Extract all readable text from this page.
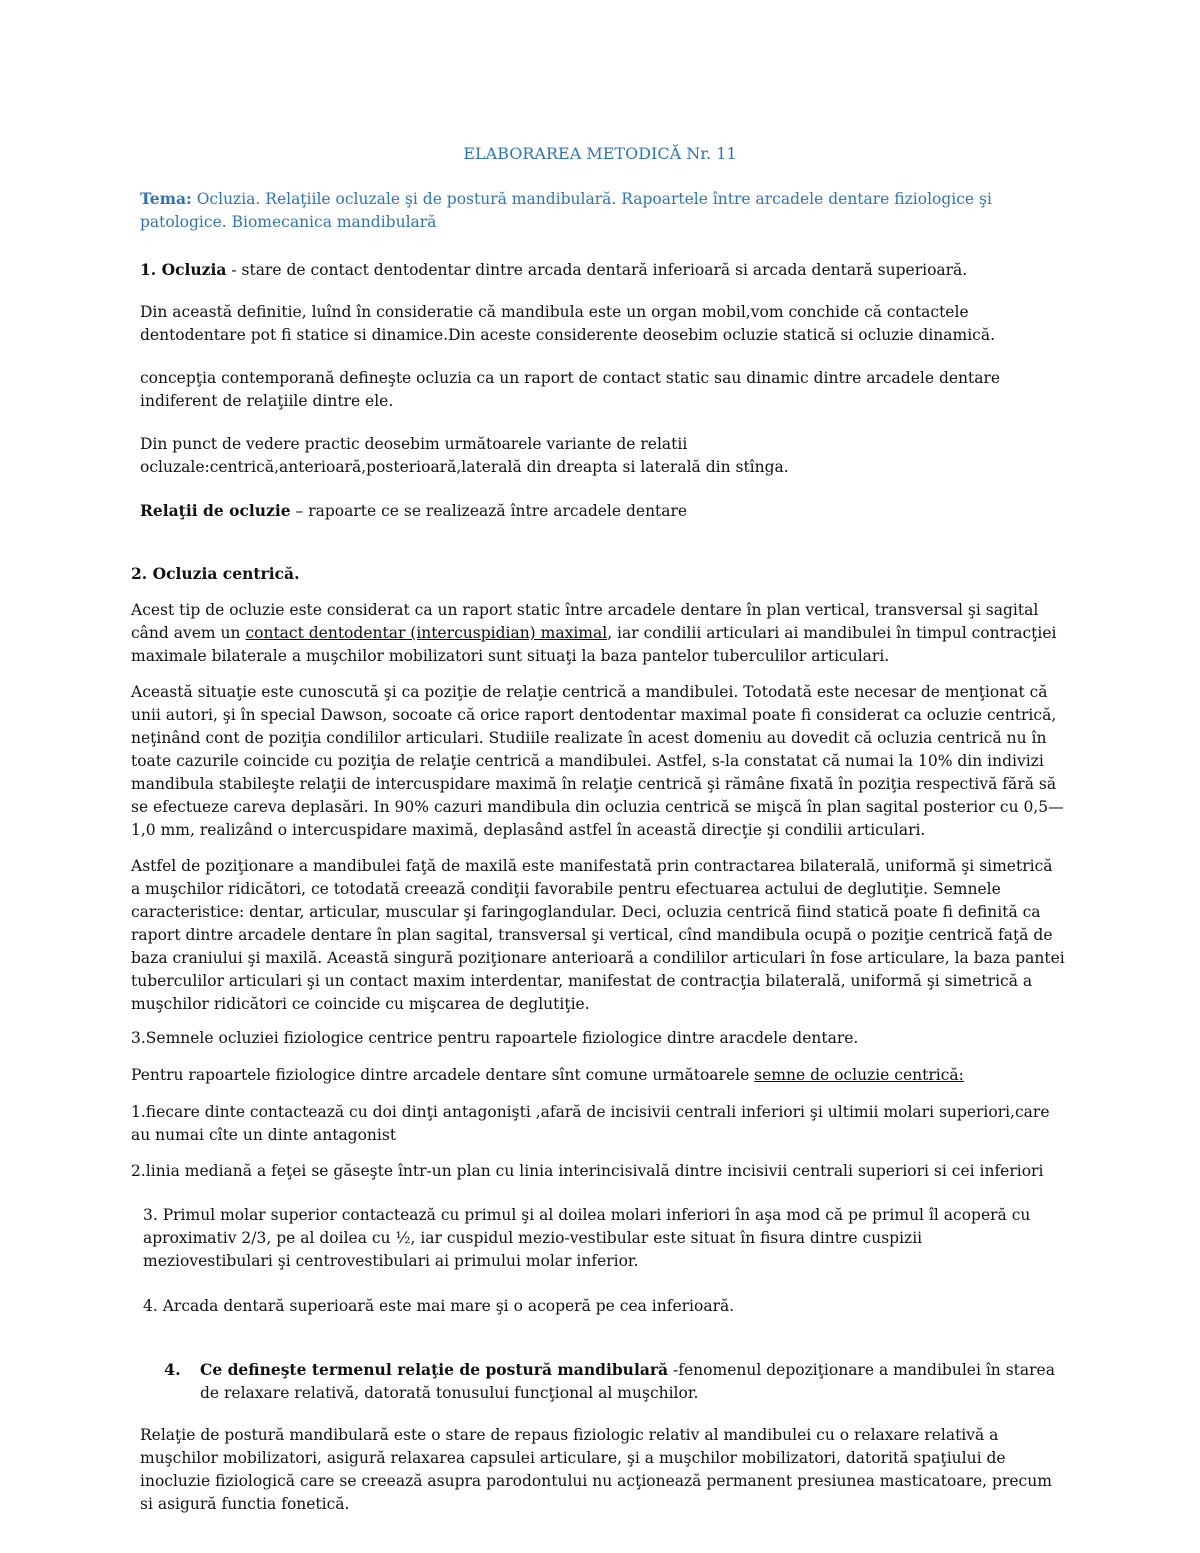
ELABORAREA METODICĂ Nr. 11

Tema: Ocluzia. Relaţiile ocluzale şi de postură mandibulară. Rapoartele între arcadele dentare fiziologice şi patologice. Biomecanica mandibulară

1. Ocluzia - stare de contact dentodentar dintre arcada dentară inferioară si arcada dentară superioară.

Din această definitie, luînd în consideratie că mandibula este un organ mobil,vom conchide că contactele dentodentare pot fi statice si dinamice.Din aceste considerente deosebim ocluzie statică si ocluzie dinamică.

concepţia contemporană defineşte ocluzia ca un raport de contact static sau dinamic dintre arcadele dentare indiferent de relaţiile dintre ele.

Din punct de vedere practic deosebim următoarele variante de relatii ocluzale:centrică,anterioară,posterioară,laterală din dreapta si laterală din stînga.

Relaţii de ocluzie – rapoarte ce se realizează între arcadele dentare

2. Ocluzia centrică.

Acest tip de ocluzie este considerat ca un raport static între arcadele dentare în plan vertical, transversal şi sagital când avem un contact dentodentar (intercuspidian) maximal, iar condilii articulari ai mandibulei în timpul contracţiei maximale bilaterale a muşchilor mobilizatori sunt situaţi la baza pantelor tuberculilor articulari.

Această situaţie este cunoscută şi ca poziţie de relaţie centrică a mandibulei. Totodată este necesar de menţionat că unii autori, şi în special Dawson, socoate că orice raport dentodentar maximal poate fi considerat ca ocluzie centrică, neţinând cont de poziţia condililor articulari. Studiile realizate în acest domeniu au dovedit că ocluzia centrică nu în toate cazurile coincide cu poziţia de relaţie centrică a mandibulei. Astfel, s-la constatat că numai la 10% din indivizi mandibula stabileşte relaţii de intercuspidare maximă în relaţie centrică şi rămâne fixată în poziţia respectivă fără să se efectueze careva deplasări. In 90% cazuri mandibula din ocluzia centrică se mişcă în plan sagital posterior cu 0,5— 1,0 mm, realizând o intercuspidare maximă, deplasând astfel în această direcţie şi condilii articulari.

Astfel de poziţionare a mandibulei faţă de maxilă este manifestată prin contractarea bilaterală, uniformă şi simetrică a muşchilor ridicători, ce totodată creează condiţii favorabile pentru efectuarea actului de deglutiţie. Semnele caracteristice: dentar, articular, muscular şi faringoglandular. Deci, ocluzia centrică fiind statică poate fi definită ca raport dintre arcadele dentare în plan sagital, transversal şi vertical, cînd mandibula ocupă o poziţie centrică faţă de baza craniului şi maxilă. Această singură poziţionare anterioară a condililor articulari în fose articulare, la baza pantei tuberculilor articulari şi un contact maxim interdentar, manifestat de contracţia bilaterală, uniformă şi simetrică a muşchilor ridicători ce coincide cu mişcarea de deglutiţie.

3.Semnele ocluziei fiziologice centrice pentru rapoartele fiziologice dintre aracdele dentare.

Pentru rapoartele fiziologice dintre arcadele dentare sînt comune următoarele semne de ocluzie centrică:

1.fiecare dinte contactează cu doi dinţi antagonişti ,afară de incisivii centrali inferiori şi ultimii molari superiori,care au numai cîte un dinte antagonist

2.linia mediană a feţei se găseşte într-un plan cu linia interincisivală dintre incisivii centrali superiori si cei inferiori

3. Primul molar superior contactează cu primul şi al doilea molari inferiori în aşa mod că pe primul îl acoperă cu aproximativ 2/3, pe al doilea cu ½, iar cuspidul mezio-vestibular este situat în fisura dintre cuspizii meziovestibulari şi centrovestibulari ai primului molar inferior.

4. Arcada dentară superioară este mai mare şi o acoperă pe cea inferioară.

4. Ce defineşte termenul relaţie de postură mandibulară -fenomenul depoziţionare a mandibulei în starea de relaxare relativă, datorată tonusului funcţional al muşchilor.

Relaţie de postură mandibulară este o stare de repaus fiziologic relativ al mandibulei cu o relaxare relativă a muşchilor mobilizatori, asigură relaxarea capsulei articulare, şi a muşchilor mobilizatori, datorită spaţiului de inocluzie fiziologică care se creează asupra parodontului nu acţionează permanent presiunea masticatoare, precum si asigură functia fonetică.
